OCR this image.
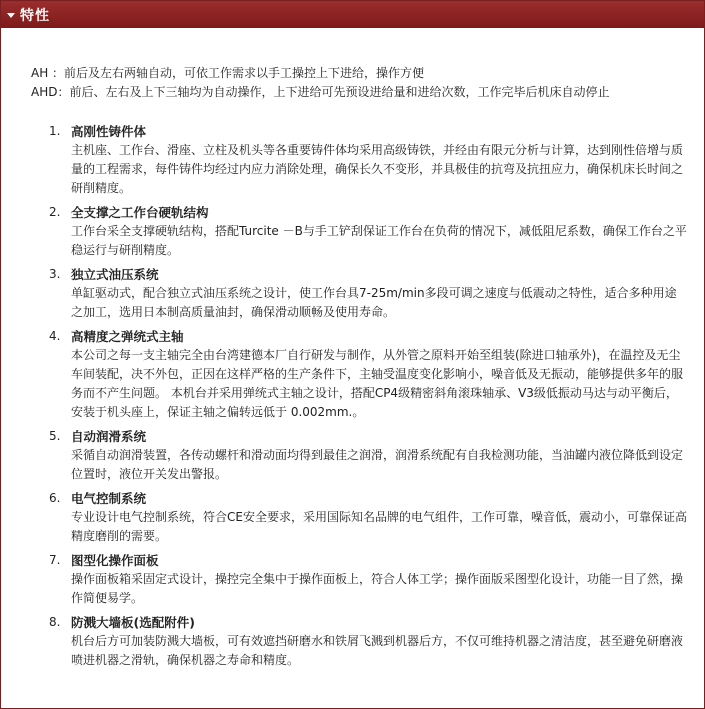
特性

AH ：前后及左右两轴自动，可依工作需求以手工操控上下进给，操作方便

AHD：前后、左右及上下三轴均为自动操作，上下进给可先预设进给量和进给次数，工作完毕后机床自动停止

1. 高刚性铸件体

主机座、工作台、滑座、立柱及机头等各重要铸件体均采用高级铸铁，并经由有限元分析与计算，达到刚性倍增与质量的工程需求，每件铸件均经过内应力消除处理，确保长久不变形，并具极佳的抗弯及抗扭应力，确保机床长时间之研削精度。

2. 全支撑之工作台硬轨结构

工作台采全支撑硬轨结构，搭配Turcite －B与手工铲刮保证工作台在负荷的情况下，减低阻尼系数，确保工作台之平稳运行与研削精度。

3. 独立式油压系统

单缸驱动式，配合独立式油压系统之设计，使工作台具7-25m/min多段可调之速度与低震动之特性，适合多种用途之加工，选用日本制高质量油封，确保滑动顺畅及使用寿命。

4. 高精度之弹统式主轴

本公司之每一支主轴完全由台湾建德本厂自行研发与制作，从外管之原料开始至组装(除进口轴承外)，在温控及无尘车间装配，决不外包，正因在这样严格的生产条件下，主轴受温度变化影响小，噪音低及无振动，能够提供多年的服务而不产生问题。 本机台并采用弹统式主轴之设计，搭配CP4级精密斜角滚珠轴承、V3级低振动马达与动平衡后，安装于机头座上，保证主轴之偏转远低于 0.002mm.。

5. 自动润滑系统

采循自动润滑装置，各传动螺杆和滑动面均得到最佳之润滑，润滑系统配有自我检测功能，当油罐内液位降低到设定位置时，液位开关发出警报。

6. 电气控制系统

专业设计电气控制系统，符合CE安全要求，采用国际知名品牌的电气组件，工作可靠，噪音低，震动小，可靠保证高精度磨削的需要。

7. 图型化操作面板

操作面板箱采固定式设计，操控完全集中于操作面板上，符合人体工学；操作面版采图型化设计，功能一目了然，操作简便易学。

8. 防溅大墙板(选配附件)

机台后方可加装防溅大墙板，可有效遮挡研磨水和铁屑飞溅到机器后方，不仅可维持机器之清洁度，甚至避免研磨液喷进机器之滑轨，确保机器之寿命和精度。
